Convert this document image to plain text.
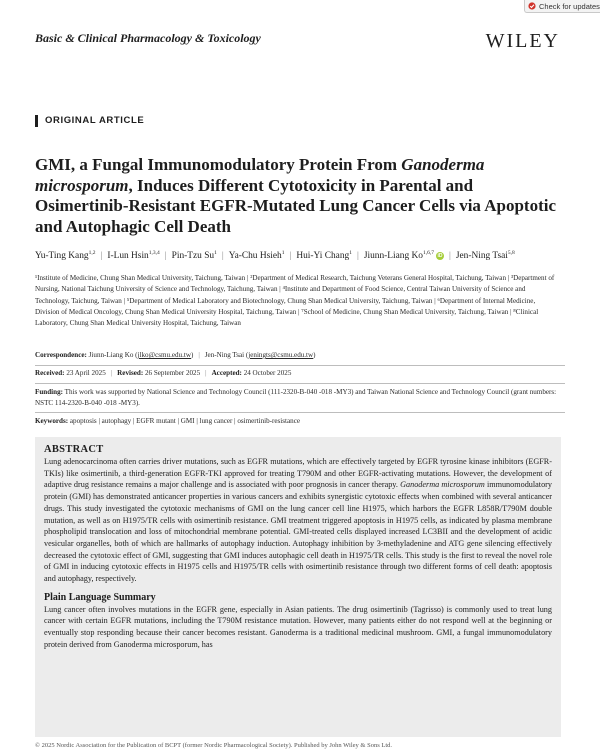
Check for updates
Basic & Clinical Pharmacology & Toxicology	WILEY
ORIGINAL ARTICLE
GMI, a Fungal Immunomodulatory Protein From Ganoderma microsporum, Induces Different Cytotoxicity in Parental and Osimertinib-Resistant EGFR-Mutated Lung Cancer Cells via Apoptotic and Autophagic Cell Death
Yu-Ting Kang$^{1,2}$ | I-Lun Hsin$^{1,3,4}$ | Pin-Tzu Su$^1$ | Ya-Chu Hsieh$^1$ | Hui-Yi Chang$^1$ | Jiunn-Liang Ko$^{1,6,7}$ iD | Jen-Ning Tsai$^{5,8}$
¹Institute of Medicine, Chung Shan Medical University, Taichung, Taiwan | ²Department of Medical Research, Taichung Veterans General Hospital, Taichung, Taiwan | ³Department of Nursing, National Taichung University of Science and Technology, Taichung, Taiwan | ⁴Institute and Department of Food Science, Central Taiwan University of Science and Technology, Taichung, Taiwan | ⁵Department of Medical Laboratory and Biotechnology, Chung Shan Medical University, Taichung, Taiwan | ⁶Department of Internal Medicine, Division of Medical Oncology, Chung Shan Medical University Hospital, Taichung, Taiwan | ⁷School of Medicine, Chung Shan Medical University, Taichung, Taiwan | ⁸Clinical Laboratory, Chung Shan Medical University Hospital, Taichung, Taiwan
Correspondence: Jiunn-Liang Ko (jlko@csmu.edu.tw) | Jen-Ning Tsai (jeningts@csmu.edu.tw)
Received: 23 April 2025 | Revised: 26 September 2025 | Accepted: 24 October 2025
Funding: This work was supported by National Science and Technology Council (111-2320-B-040 -018 -MY3) and Taiwan National Science and Technology Council (grant numbers: NSTC 114-2320-B-040 -018 -MY3).
Keywords: apoptosis | autophagy | EGFR mutant | GMI | lung cancer | osimertinib-resistance
ABSTRACT

Lung adenocarcinoma often carries driver mutations, such as EGFR mutations, which are effectively targeted by EGFR tyrosine kinase inhibitors (EGFR-TKIs) like osimertinib, a third-generation EGFR-TKI approved for treating T790M and other EGFR-activating mutations. However, the development of adaptive drug resistance remains a major challenge and is associated with poor prognosis in cancer therapy. Ganoderma microsporum immunomodulatory protein (GMI) has demonstrated anticancer properties in various cancers and exhibits synergistic cytotoxic effects when combined with several anticancer drugs. This study investigated the cytotoxic mechanisms of GMI on the lung cancer cell line H1975, which harbors the EGFR L858R/T790M double mutation, as well as on H1975/TR cells with osimertinib resistance. GMI treatment triggered apoptosis in H1975 cells, as indicated by plasma membrane phospholipid translocation and loss of mitochondrial membrane potential. GMI-treated cells displayed increased LC3BII and the development of acidic vesicular organelles, both of which are hallmarks of autophagy induction. Autophagy inhibition by 3-methyladenine and ATG gene silencing effectively decreased the cytotoxic effect of GMI, suggesting that GMI induces autophagic cell death in H1975/TR cells. This study is the first to reveal the novel role of GMI in inducing cytotoxic effects in H1975 cells and H1975/TR cells with osimertinib resistance through two different forms of cell death: apoptosis and autophagy, respectively.

Plain Language Summary

Lung cancer often involves mutations in the EGFR gene, especially in Asian patients. The drug osimertinib (Tagrisso) is commonly used to treat lung cancer with certain EGFR mutations, including the T790M resistance mutation. However, many patients either do not respond well at the beginning or eventually stop responding because their cancer becomes resistant. Ganoderma is a traditional medicinal mushroom. GMI, a fungal immunomodulatory protein derived from Ganoderma microsporum, has

© 2025 Nordic Association for the Publication of BCPT (former Nordic Pharmacological Society). Published by John Wiley & Sons Ltd.
